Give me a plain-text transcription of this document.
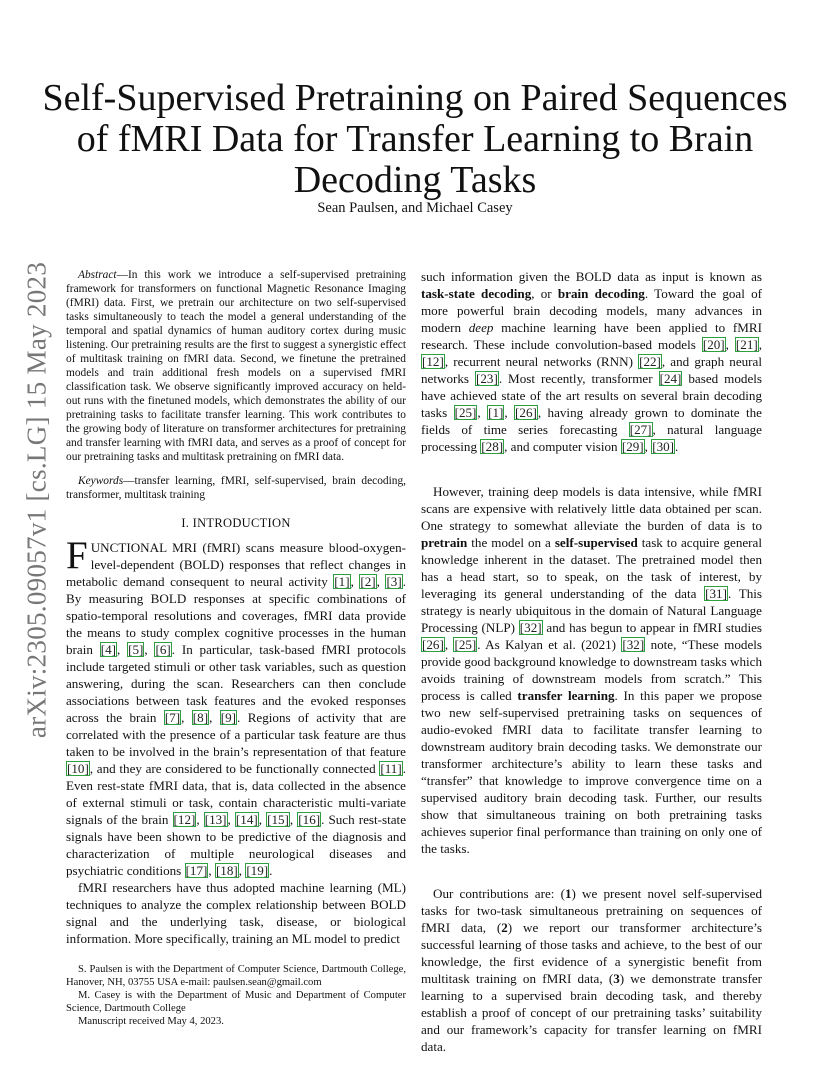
arXiv:2305.09057v1 [cs.LG] 15 May 2023
Self-Supervised Pretraining on Paired Sequences of fMRI Data for Transfer Learning to Brain Decoding Tasks
Sean Paulsen, and Michael Casey

Abstract—In this work we introduce a self-supervised pretraining framework for transformers on functional Magnetic Resonance Imaging (fMRI) data. First, we pretrain our architecture on two self-supervised tasks simultaneously to teach the model a general understanding of the temporal and spatial dynamics of human auditory cortex during music listening. Our pretraining results are the first to suggest a synergistic effect of multitask training on fMRI data. Second, we finetune the pretrained models and train additional fresh models on a supervised fMRI classification task. We observe significantly improved accuracy on held-out runs with the finetuned models, which demonstrates the ability of our pretraining tasks to facilitate transfer learning. This work contributes to the growing body of literature on transformer architectures for pretraining and transfer learning with fMRI data, and serves as a proof of concept for our pretraining tasks and multitask pretraining on fMRI data.

Keywords—transfer learning, fMRI, self-supervised, brain decoding, transformer, multitask training

I. INTRODUCTION

FUNCTIONAL MRI (fMRI) scans measure blood-oxygen-level-dependent (BOLD) responses that reflect changes in metabolic demand consequent to neural activity [1], [2], [3]. By measuring BOLD responses at specific combinations of spatio-temporal resolutions and coverages, fMRI data provide the means to study complex cognitive processes in the human brain [4], [5], [6]. In particular, task-based fMRI protocols include targeted stimuli or other task variables, such as question answering, during the scan. Researchers can then conclude associations between task features and the evoked responses across the brain [7], [8], [9]. Regions of activity that are correlated with the presence of a particular task feature are thus taken to be involved in the brain’s representation of that feature [10], and they are considered to be functionally connected [11]. Even rest-state fMRI data, that is, data collected in the absence of external stimuli or task, contain characteristic multi-variate signals of the brain [12], [13], [14], [15], [16]. Such rest-state signals have been shown to be predictive of the diagnosis and characterization of multiple neurological diseases and psychiatric conditions [17], [18], [19].

fMRI researchers have thus adopted machine learning (ML) techniques to analyze the complex relationship between BOLD signal and the underlying task, disease, or biological information. More specifically, training an ML model to predict

S. Paulsen is with the Department of Computer Science, Dartmouth College, Hanover, NH, 03755 USA e-mail: paulsen.sean@gmail.com

M. Casey is with the Department of Music and Department of Computer Science, Dartmouth College

Manuscript received May 4, 2023.

such information given the BOLD data as input is known as task-state decoding, or brain decoding. Toward the goal of more powerful brain decoding models, many advances in modern deep machine learning have been applied to fMRI research. These include convolution-based models [20], [21], [12], recurrent neural networks (RNN) [22], and graph neural networks [23]. Most recently, transformer [24] based models have achieved state of the art results on several brain decoding tasks [25], [1], [26], having already grown to dominate the fields of time series forecasting [27], natural language processing [28], and computer vision [29], [30].

However, training deep models is data intensive, while fMRI scans are expensive with relatively little data obtained per scan. One strategy to somewhat alleviate the burden of data is to pretrain the model on a self-supervised task to acquire general knowledge inherent in the dataset. The pretrained model then has a head start, so to speak, on the task of interest, by leveraging its general understanding of the data [31]. This strategy is nearly ubiquitous in the domain of Natural Language Processing (NLP) [32] and has begun to appear in fMRI studies [26], [25]. As Kalyan et al. (2021) [32] note, “These models provide good background knowledge to downstream tasks which avoids training of downstream models from scratch.” This process is called transfer learning. In this paper we propose two new self-supervised pretraining tasks on sequences of audio-evoked fMRI data to facilitate transfer learning to downstream auditory brain decoding tasks. We demonstrate our transformer architecture’s ability to learn these tasks and “transfer” that knowledge to improve convergence time on a supervised auditory brain decoding task. Further, our results show that simultaneous training on both pretraining tasks achieves superior final performance than training on only one of the tasks.

Our contributions are: (1) we present novel self-supervised tasks for two-task simultaneous pretraining on sequences of fMRI data, (2) we report our transformer architecture’s successful learning of those tasks and achieve, to the best of our knowledge, the first evidence of a synergistic benefit from multitask training on fMRI data, (3) we demonstrate transfer learning to a supervised brain decoding task, and thereby establish a proof of concept of our pretraining tasks’ suitability and our framework’s capacity for transfer learning on fMRI data.
